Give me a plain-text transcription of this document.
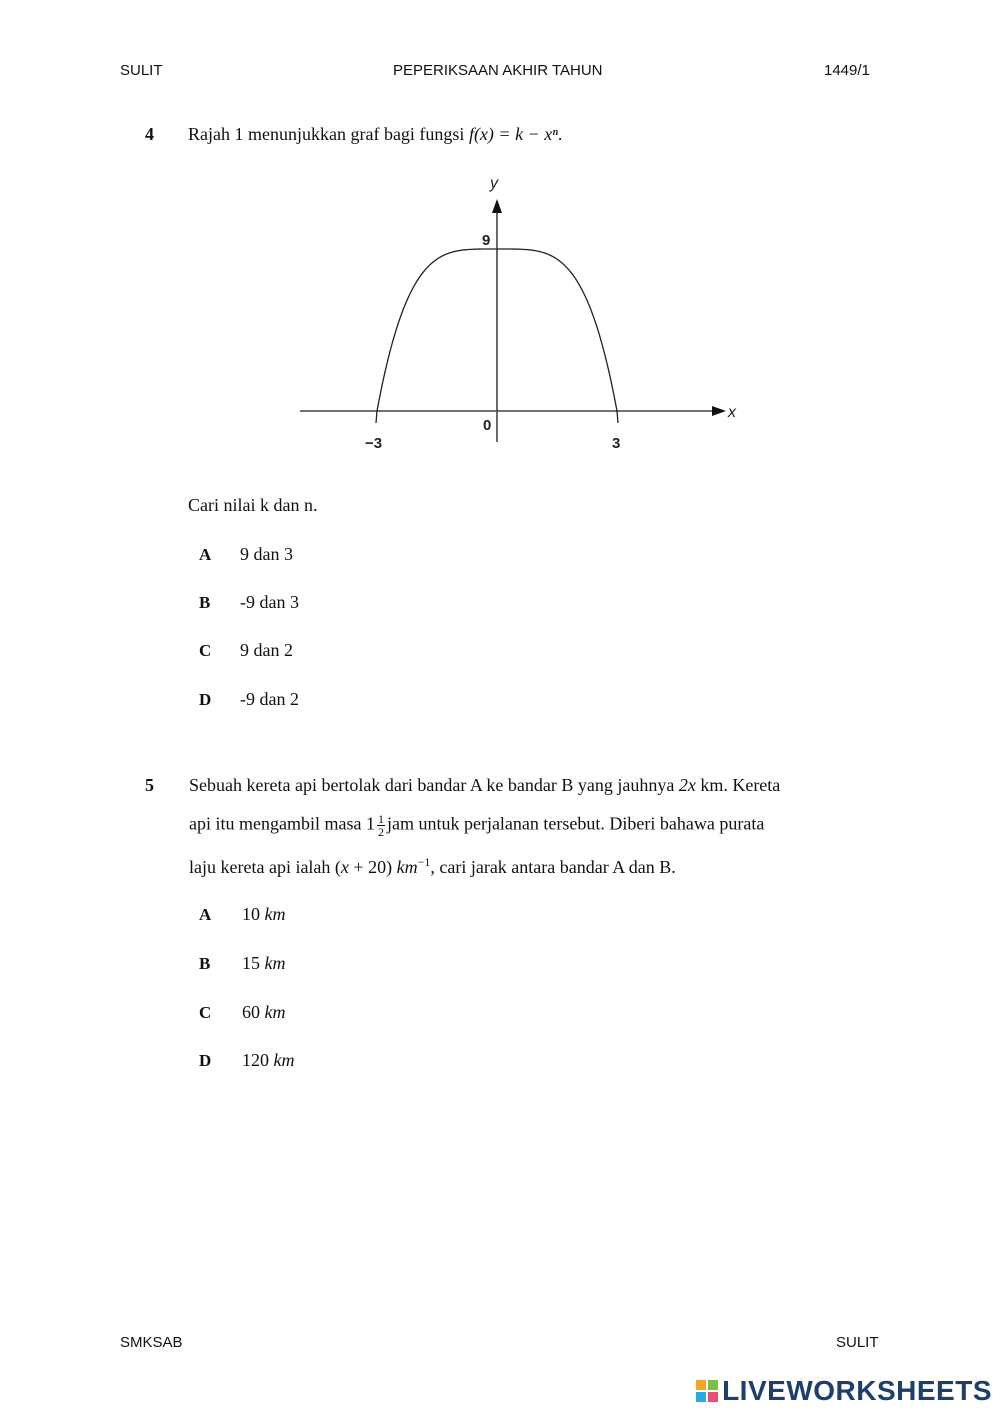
SULIT	PEPERIKSAAN AKHIR TAHUN	1449/1
4 Rajah 1 menunjukkan graf bagi fungsi f(x) = k − xⁿ.
y
x
9
0
−3	3
Cari nilai k dan n.
A 9 dan 3
B -9 dan 3
C 9 dan 2
D -9 dan 2
5 Sebuah kereta api bertolak dari bandar A ke bandar B yang jauhnya 2x km. Kereta
api itu mengambil masa $1 \frac{1}{2}$ jam untuk perjalanan tersebut. Diberi bahawa purata
laju kereta api ialah (x + 20) $km^{-1}$, cari jarak antara bandar A dan B.
A 10 km
B 15 km
C 60 km
D 120 km
SMKSAB	SULIT
LIVEWORKSHEETS
